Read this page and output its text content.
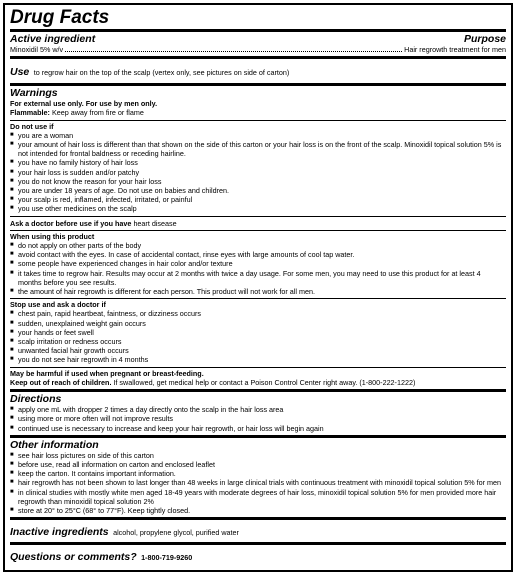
Drug Facts
Active ingredient	Purpose
Minoxidil 5% w/v	Hair regrowth treatment for men
Use to regrow hair on the top of the scalp (vertex only, see pictures on side of carton)
Warnings
For external use only. For use by men only.
Flammable: Keep away from fire or flame
Do not use if
■ you are a woman
■ your amount of hair loss is different than that shown on the side of this carton or your hair loss is on the front of the scalp. Minoxidil topical solution 5% is not intended for frontal baldness or receding hairline.
■ you have no family history of hair loss
■ your hair loss is sudden and/or patchy
■ you do not know the reason for your hair loss
■ you are under 18 years of age. Do not use on babies and children.
■ your scalp is red, inflamed, infected, irritated, or painful
■ you use other medicines on the scalp
Ask a doctor before use if you have heart disease
When using this product
■ do not apply on other parts of the body
■ avoid contact with the eyes. In case of accidental contact, rinse eyes with large amounts of cool tap water.
■ some people have experienced changes in hair color and/or texture
■ it takes time to regrow hair. Results may occur at 2 months with twice a day usage. For some men, you may need to use this product for at least 4 months before you see results.
■ the amount of hair regrowth is different for each person. This product will not work for all men.
Stop use and ask a doctor if
■ chest pain, rapid heartbeat, faintness, or dizziness occurs
■ sudden, unexplained weight gain occurs
■ your hands or feet swell
■ scalp irritation or redness occurs
■ unwanted facial hair growth occurs
■ you do not see hair regrowth in 4 months
May be harmful if used when pregnant or breast-feeding.
Keep out of reach of children. If swallowed, get medical help or contact a Poison Control Center right away. (1-800-222-1222)
Directions
■ apply one mL with dropper 2 times a day directly onto the scalp in the hair loss area
■ using more or more often will not improve results
■ continued use is necessary to increase and keep your hair regrowth, or hair loss will begin again
Other information
■ see hair loss pictures on side of this carton
■ before use, read all information on carton and enclosed leaflet
■ keep the carton. It contains important information.
■ hair regrowth has not been shown to last longer than 48 weeks in large clinical trials with continuous treatment with minoxidil topical solution 5% for men
■ in clinical studies with mostly white men aged 18-49 years with moderate degrees of hair loss, minoxidil topical solution 5% for men provided more hair regrowth than minoxidil topical solution 2%
■ store at 20° to 25°C (68° to 77°F). Keep tightly closed.
Inactive ingredients alcohol, propylene glycol, purified water
Questions or comments? 1-800-719-9260
